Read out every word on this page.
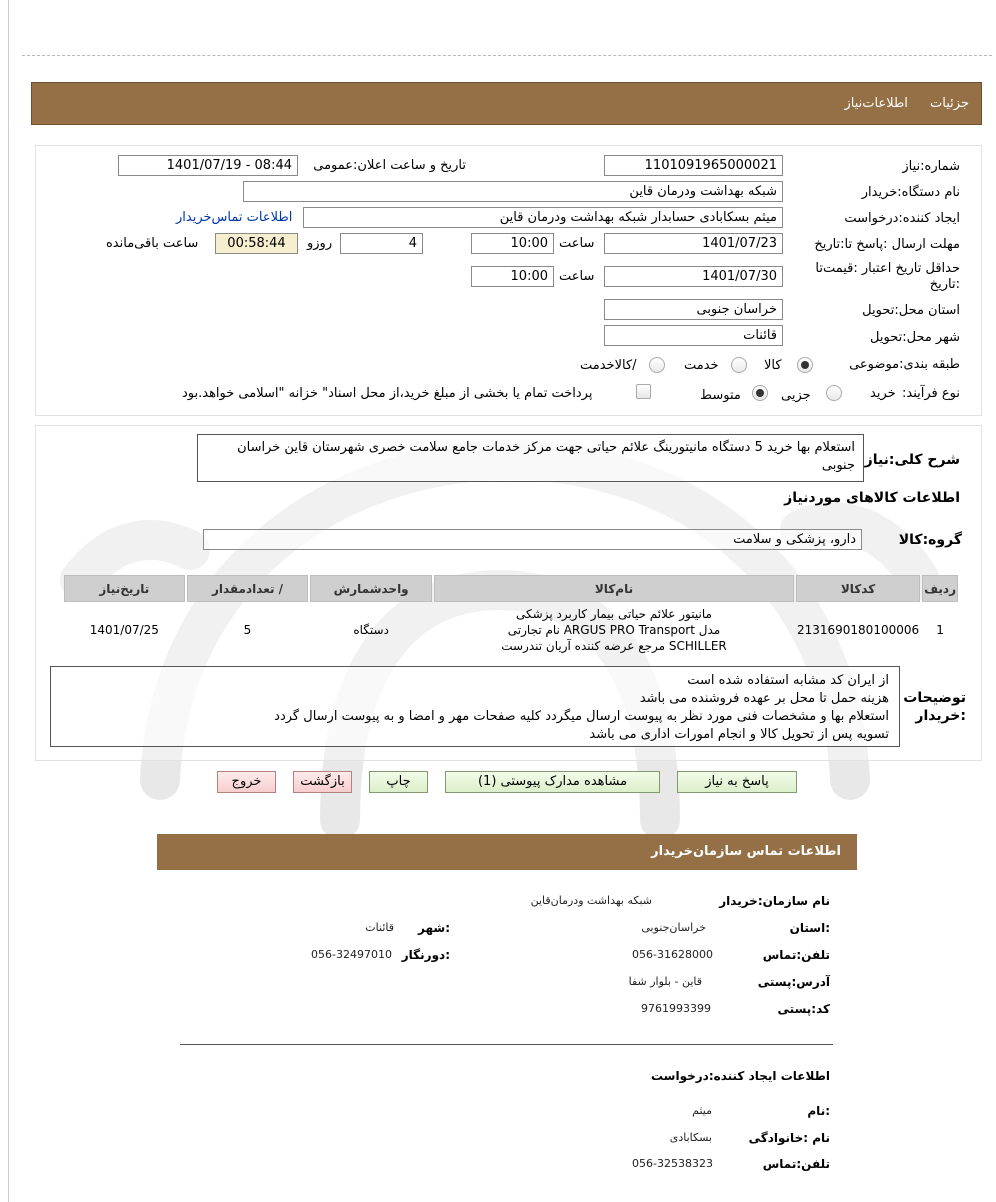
جزئیات اطلاعات‌نیاز
شماره:نیاز
1101091965000021
تاریخ و ساعت اعلان:عمومی
1401/07/19 - 08:44
نام دستگاه:خریدار
شبکه بهداشت ودرمان قاین
ایجاد کننده:درخواست
میثم بسکابادی حسابدار شبکه بهداشت ودرمان قاین
اطلاعات تماس‌خریدار
مهلت ارسال :پاسخ تا:تاریخ
1401/07/23
ساعت
10:00
4
روزو
00:58:44
ساعت باقی‌مانده
حداقل تاریخ اعتبار :قیمت‌تا
:تاریخ
1401/07/30
ساعت
10:00
استان محل:تحویل
خراسان جنوبی
شهر محل:تحویل
قائنات
طبقه بندی:موضوعی
کالا
خدمت
/کالاخدمت
نوع فرآیند:
خرید
جزیی
متوسط
پرداخت تمام یا بخشی از مبلغ خرید،از محل اسناد" خزانه "اسلامی خواهد.بود
شرح کلی:نیاز
استعلام بها خرید 5 دستگاه مانیتورینگ علائم حیاتی جهت مرکز خدمات جامع سلامت خصری شهرستان قاین خراسان جنوبی
اطلاعات کالاهای موردنیاز
گروه:کالا
دارو، پزشکی و سلامت
ردیف	کدکالا	نام‌کالا	واحدشمارش	/ تعدادمقدار	تاریخ‌نیاز
1	2131690180100006	مانیتور علائم حیاتی بیمار کاربرد پزشکی
مدل ARGUS PRO Transport نام تجارتی
SCHILLER مرجع عرضه کننده آریان تندرست	دستگاه	5	1401/07/25
توضیحات
:خریدار
از ایران کد مشابه استفاده شده است
هزینه حمل تا محل بر عهده فروشنده می باشد
استعلام بها و مشخصات فنی مورد نظر به پیوست ارسال میگردد کلیه صفحات مهر و امضا و به پیوست ارسال گردد
تسویه پس از تحویل کالا و انجام امورات اداری می باشد
پاسخ به نیاز
مشاهده مدارک پیوستی (1)
چاپ
بازگشت
خروج
اطلاعات تماس سازمان‌خریدار
نام سازمان:خریدار
شبکه بهداشت ودرمان‌قاین
:استان
خراسان‌جنوبی
:شهر
قائنات
تلفن:تماس
056-31628000
:دورنگار
056-32497010
آدرس:پستی
قاین - بلوار شفا
کد:پستی
9761993399
اطلاعات ایجاد کننده:درخواست
:نام
میثم
نام :خانوادگی
بسکابادی
تلفن:تماس
056-32538323
